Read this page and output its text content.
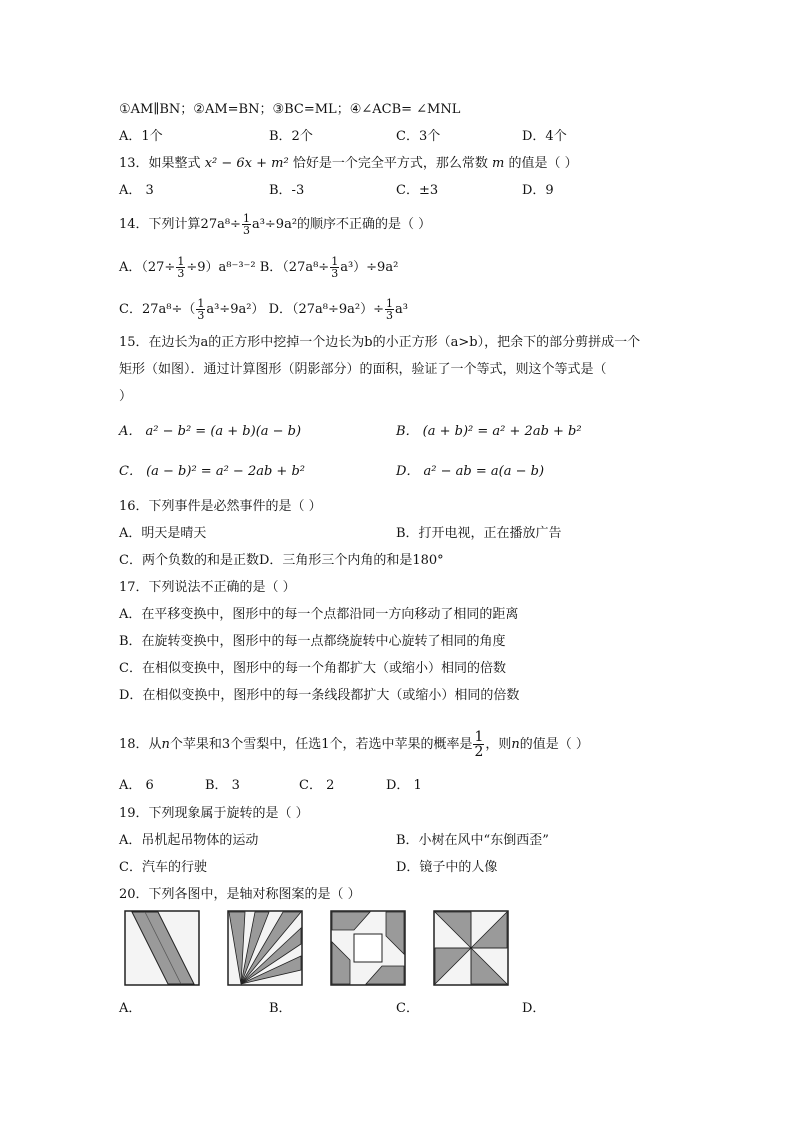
①AM∥BN；②AM=BN；③BC=ML；④∠ACB= ∠MNL
A．1个	B．2个	C．3个	D．4个
13．如果整式 x² − 6x + m² 恰好是一个完全平方式，那么常数 m 的值是（ ）
A． 3	B．-3	C．±3	D．9
14．下列计算$27a^8\div \frac{1}{3} a^3\div 9a^2$的顺序不正确的是（ ）
A．$(27\div \frac{1}{3} \div 9)a^{8-3-2}$ B．$(27a^8\div \frac{1}{3} a^3)\div 9a^2$
C．$27a^8\div( \frac{1}{3} a^3\div 9a^2)$ D．$(27a^8\div 9a^2)\div \frac{1}{3} a^3$
15．在边长为a的正方形中挖掉一个边长为b的小正方形（a>b），把余下的部分剪拼成一个
矩形（如图）．通过计算图形（阴影部分）的面积，验证了一个等式，则这个等式是（
）
A． a² − b² = (a + b)(a − b)	B． (a + b)² = a² + 2ab + b²
C． (a − b)² = a² − 2ab + b²	D． a² − ab = a(a − b)
16．下列事件是必然事件的是（ ）
A．明天是晴天	B．打开电视，正在播放广告
C．两个负数的和是正数D．三角形三个内角的和是180°
17．下列说法不正确的是（ ）
A．在平移变换中，图形中的每一个点都沿同一方向移动了相同的距离
B．在旋转变换中，图形中的每一点都绕旋转中心旋转了相同的角度
C．在相似变换中，图形中的每一个角都扩大（或缩小）相同的倍数
D．在相似变换中，图形中的每一条线段都扩大（或缩小）相同的倍数
18．从n个苹果和3个雪梨中，任选1个，若选中苹果的概率是 $\frac{1}{2}$ ，则n的值是（ ）
A． 6	B． 3	C． 2	D． 1
19．下列现象属于旋转的是（ ）
A．吊机起吊物体的运动	B．小树在风中“东倒西歪”
C．汽车的行驶	D．镜子中的人像
20．下列各图中，是轴对称图案的是（ ）
A．	B．	C．	D．
